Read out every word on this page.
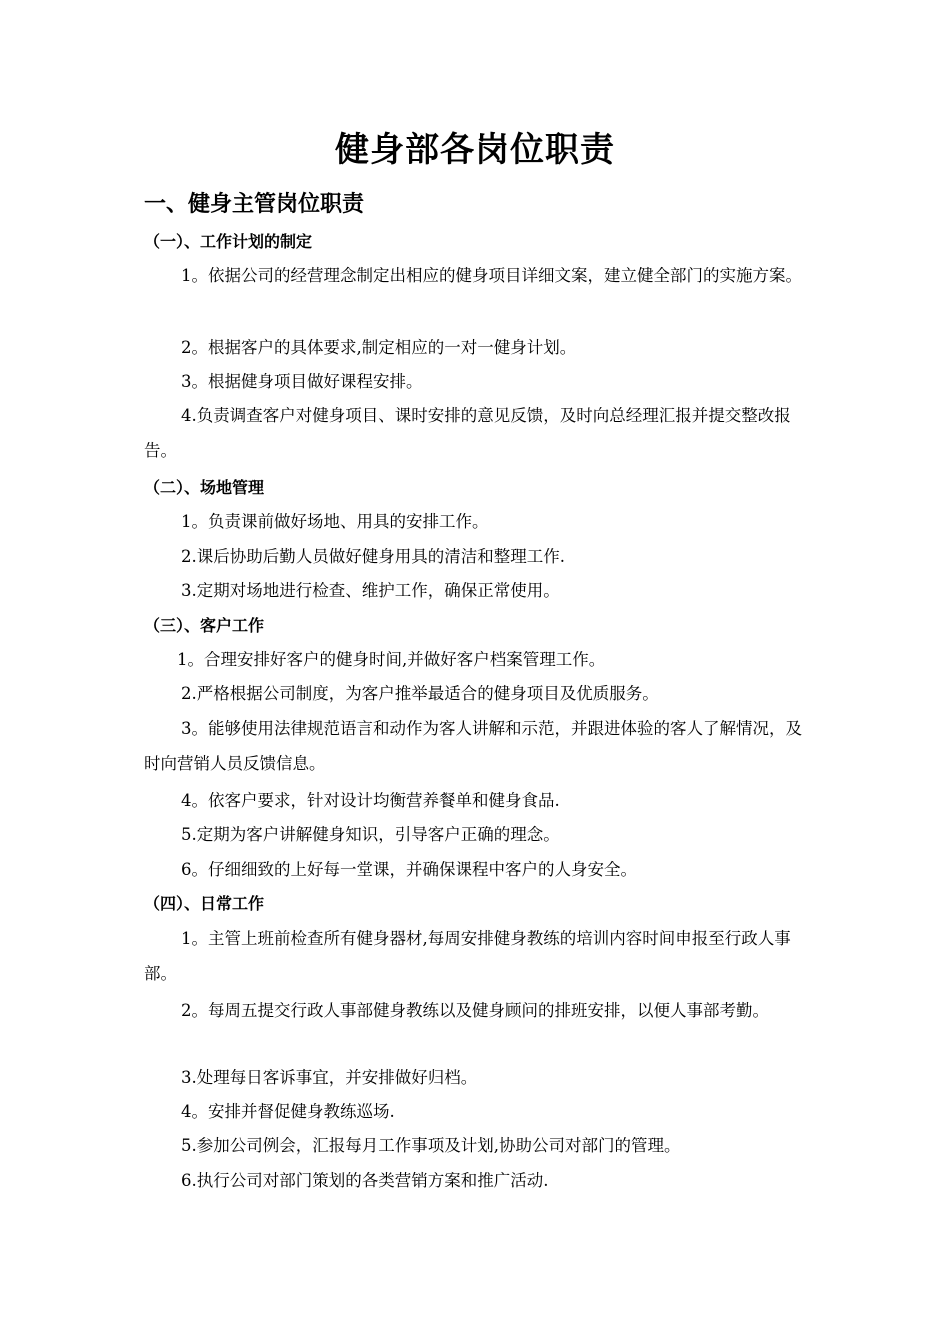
健身部各岗位职责
一、健身主管岗位职责
（一）、工作计划的制定
1。依据公司的经营理念制定出相应的健身项目详细文案，建立健全部门的实施方案。
2。根据客户的具体要求,制定相应的一对一健身计划。
3。根据健身项目做好课程安排。
4.负责调查客户对健身项目、课时安排的意见反馈，及时向总经理汇报并提交整改报告。
（二）、场地管理
1。负责课前做好场地、用具的安排工作。
2.课后协助后勤人员做好健身用具的清洁和整理工作.
3.定期对场地进行检查、维护工作，确保正常使用。
（三）、客户工作
1。合理安排好客户的健身时间,并做好客户档案管理工作。
2.严格根据公司制度，为客户推举最适合的健身项目及优质服务。
3。能够使用法律规范语言和动作为客人讲解和示范，并跟进体验的客人了解情况，及时向营销人员反馈信息。
4。依客户要求，针对设计均衡营养餐单和健身食品.
5.定期为客户讲解健身知识，引导客户正确的理念。
6。仔细细致的上好每一堂课，并确保课程中客户的人身安全。
（四）、日常工作
1。主管上班前检查所有健身器材,每周安排健身教练的培训内容时间申报至行政人事部。
2。每周五提交行政人事部健身教练以及健身顾问的排班安排，以便人事部考勤。
3.处理每日客诉事宜，并安排做好归档。
4。安排并督促健身教练巡场.
5.参加公司例会，汇报每月工作事项及计划,协助公司对部门的管理。
6.执行公司对部门策划的各类营销方案和推广活动.
